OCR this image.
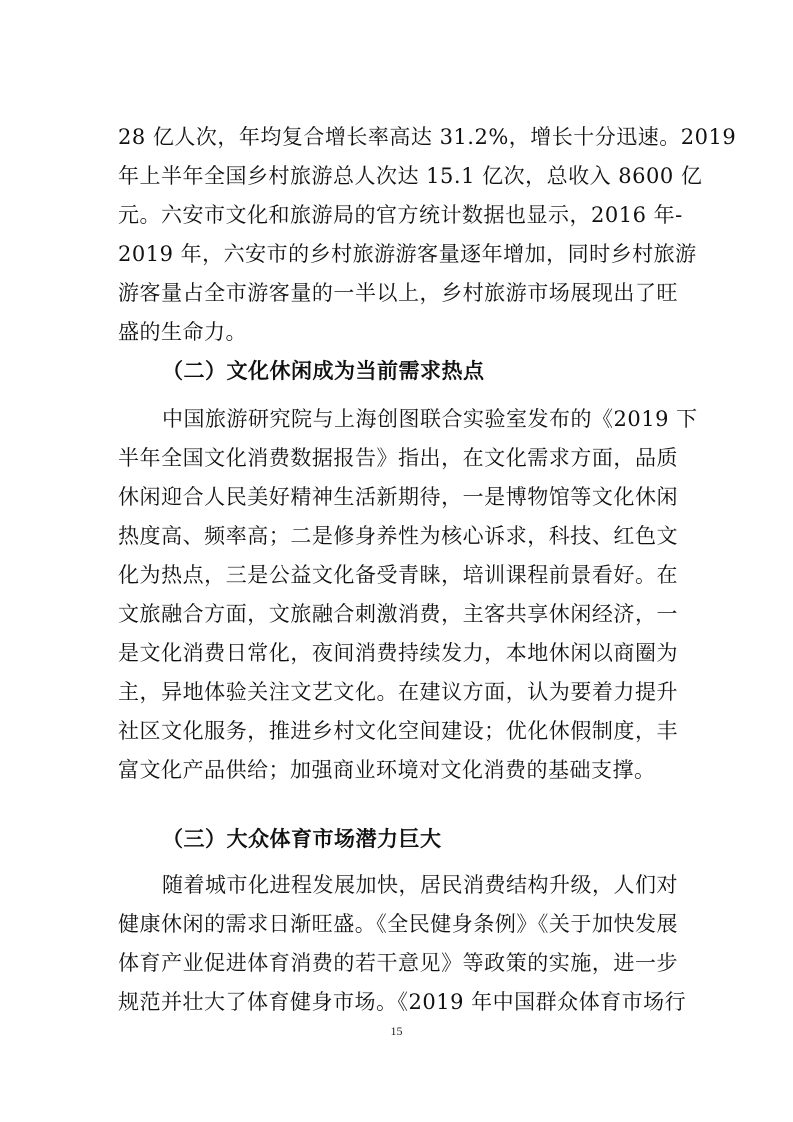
28 亿人次，年均复合增长率高达 31.2%，增长十分迅速。2019
年上半年全国乡村旅游总人次达 15.1 亿次，总收入 8600 亿
元。六安市文化和旅游局的官方统计数据也显示，2016 年-
2019 年，六安市的乡村旅游游客量逐年增加，同时乡村旅游
游客量占全市游客量的一半以上，乡村旅游市场展现出了旺
盛的生命力。
（二）文化休闲成为当前需求热点
中国旅游研究院与上海创图联合实验室发布的《2019 下
半年全国文化消费数据报告》指出，在文化需求方面，品质
休闲迎合人民美好精神生活新期待，一是博物馆等文化休闲
热度高、频率高；二是修身养性为核心诉求，科技、红色文
化为热点，三是公益文化备受青睐，培训课程前景看好。在
文旅融合方面，文旅融合刺激消费，主客共享休闲经济，一
是文化消费日常化，夜间消费持续发力，本地休闲以商圈为
主，异地体验关注文艺文化。在建议方面，认为要着力提升
社区文化服务，推进乡村文化空间建设；优化休假制度，丰
富文化产品供给；加强商业环境对文化消费的基础支撑。
（三）大众体育市场潜力巨大
随着城市化进程发展加快，居民消费结构升级，人们对
健康休闲的需求日渐旺盛。《全民健身条例》《关于加快发展
体育产业促进体育消费的若干意见》等政策的实施，进一步
规范并壮大了体育健身市场。《2019 年中国群众体育市场行
15
